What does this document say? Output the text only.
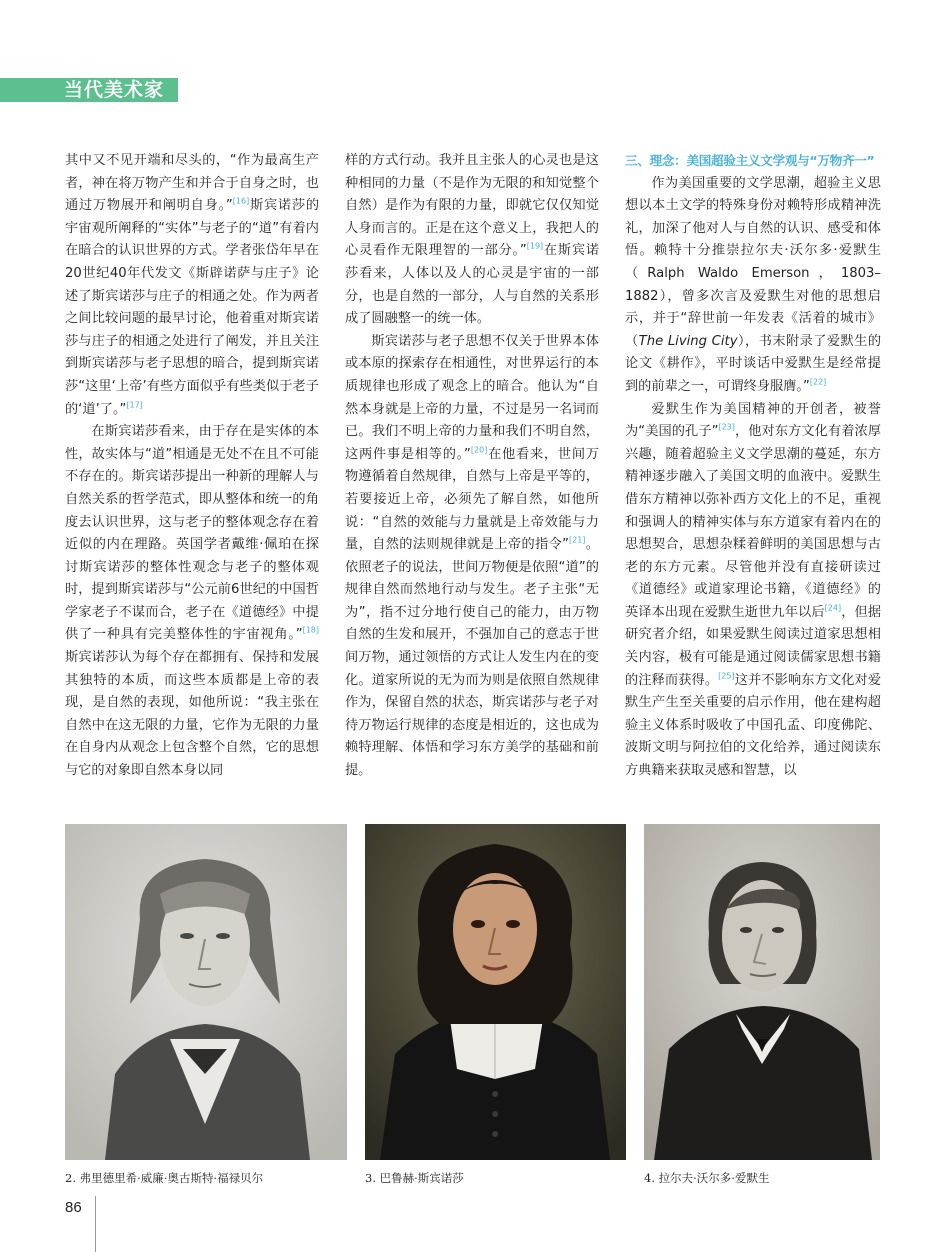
当代美术家

其中又不见开端和尽头的，“作为最高生产者，神在将万物产生和并合于自身之时，也通过万物展开和阐明自身。”[16]斯宾诺莎的宇宙观所阐释的“实体”与老子的“道”有着内在暗合的认识世界的方式。学者张岱年早在20世纪40年代发文《斯辟诺萨与庄子》论述了斯宾诺莎与庄子的相通之处。作为两者之间比较问题的最早讨论，他着重对斯宾诺莎与庄子的相通之处进行了阐发，并且关注到斯宾诺莎与老子思想的暗合，提到斯宾诺莎“这里‘上帝’有些方面似乎有些类似于老子的‘道’了。”[17]

在斯宾诺莎看来，由于存在是实体的本性，故实体与“道”相通是无处不在且不可能不存在的。斯宾诺莎提出一种新的理解人与自然关系的哲学范式，即从整体和统一的角度去认识世界，这与老子的整体观念存在着近似的内在理路。英国学者戴维·佩珀在探讨斯宾诺莎的整体性观念与老子的整体观时，提到斯宾诺莎与“公元前6世纪的中国哲学家老子不谋而合，老子在《道德经》中提供了一种具有完美整体性的宇宙视角。”[18]斯宾诺莎认为每个存在都拥有、保持和发展其独特的本质，而这些本质都是上帝的表现，是自然的表现，如他所说：“我主张在自然中在这无限的力量，它作为无限的力量在自身内从观念上包含整个自然，它的思想与它的对象即自然本身以同

样的方式行动。我并且主张人的心灵也是这种相同的力量（不是作为无限的和知觉整个自然）是作为有限的力量，即就它仅仅知觉人身而言的。正是在这个意义上，我把人的心灵看作无限理智的一部分。”[19]在斯宾诺莎看来，人体以及人的心灵是宇宙的一部分，也是自然的一部分，人与自然的关系形成了圆融整一的统一体。

斯宾诺莎与老子思想不仅关于世界本体或本原的探索存在相通性，对世界运行的本质规律也形成了观念上的暗合。他认为“自然本身就是上帝的力量，不过是另一名词而已。我们不明上帝的力量和我们不明自然，这两件事是相等的。”[20]在他看来，世间万物遵循着自然规律，自然与上帝是平等的，若要接近上帝，必须先了解自然，如他所说：“自然的效能与力量就是上帝效能与力量，自然的法则规律就是上帝的指令”[21]。依照老子的说法，世间万物便是依照“道”的规律自然而然地行动与发生。老子主张“无为”，指不过分地行使自己的能力，由万物自然的生发和展开，不强加自己的意志于世间万物，通过领悟的方式让人发生内在的变化。道家所说的无为而为则是依照自然规律作为，保留自然的状态，斯宾诺莎与老子对待万物运行规律的态度是相近的，这也成为赖特理解、体悟和学习东方美学的基础和前提。

三、理念：美国超验主义文学观与“万物齐一”

作为美国重要的文学思潮，超验主义思想以本土文学的特殊身份对赖特形成精神洗礼，加深了他对人与自然的认识、感受和体悟。赖特十分推崇拉尔夫·沃尔多·爱默生（Ralph Waldo Emerson，1803–1882），曾多次言及爱默生对他的思想启示，并于“辞世前一年发表《活着的城市》（The Living City），书末附录了爱默生的论文《耕作》，平时谈话中爱默生是经常提到的前辈之一，可谓终身服膺。”[22]

爱默生作为美国精神的开创者，被誉为“美国的孔子”[23]，他对东方文化有着浓厚兴趣，随着超验主义文学思潮的蔓延，东方精神逐步融入了美国文明的血液中。爱默生借东方精神以弥补西方文化上的不足，重视和强调人的精神实体与东方道家有着内在的思想契合，思想杂糅着鲜明的美国思想与古老的东方元素。尽管他并没有直接研读过《道德经》或道家理论书籍，《道德经》的英译本出现在爱默生逝世九年以后[24]，但据研究者介绍，如果爱默生阅读过道家思想相关内容，极有可能是通过阅读儒家思想书籍的注释而获得。[25]这并不影响东方文化对爱默生产生至关重要的启示作用，他在建构超验主义体系时吸收了中国孔孟、印度佛陀、波斯文明与阿拉伯的文化给养，通过阅读东方典籍来获取灵感和智慧，以

2. 弗里德里希·威廉·奥古斯特·福禄贝尔	3. 巴鲁赫·斯宾诺莎	4. 拉尔夫·沃尔多·爱默生
86
